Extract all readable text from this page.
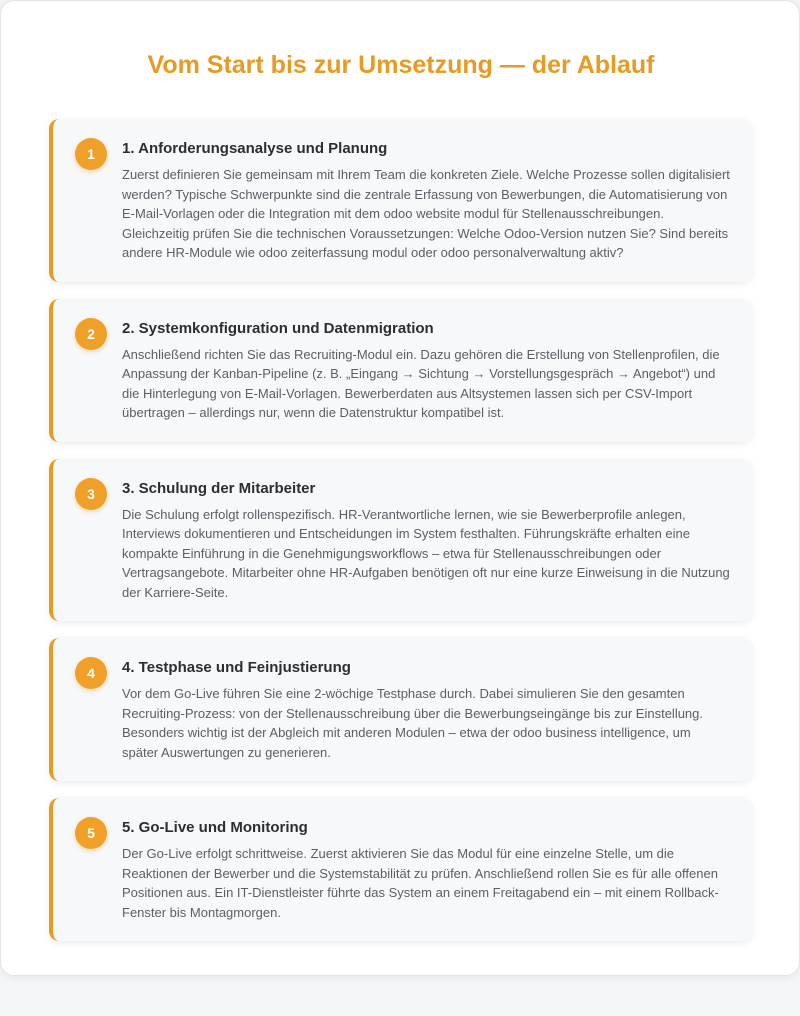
Vom Start bis zur Umsetzung — der Ablauf
1	1. Anforderungsanalyse und Planung

Zuerst definieren Sie gemeinsam mit Ihrem Team die konkreten Ziele. Welche Prozesse sollen digitalisiert werden? Typische Schwerpunkte sind die zentrale Erfassung von Bewerbungen, die Automatisierung von E-Mail-Vorlagen oder die Integration mit dem odoo website modul für Stellenausschreibungen. Gleichzeitig prüfen Sie die technischen Voraussetzungen: Welche Odoo-Version nutzen Sie? Sind bereits andere HR-Module wie odoo zeiterfassung modul oder odoo personalverwaltung aktiv?

2	2. Systemkonfiguration und Datenmigration

Anschließend richten Sie das Recruiting-Modul ein. Dazu gehören die Erstellung von Stellenprofilen, die Anpassung der Kanban-Pipeline (z. B. „Eingang → Sichtung → Vorstellungsgespräch → Angebot“) und die Hinterlegung von E-Mail-Vorlagen. Bewerberdaten aus Altsystemen lassen sich per CSV-Import übertragen – allerdings nur, wenn die Datenstruktur kompatibel ist.

3	3. Schulung der Mitarbeiter

Die Schulung erfolgt rollenspezifisch. HR-Verantwortliche lernen, wie sie Bewerberprofile anlegen, Interviews dokumentieren und Entscheidungen im System festhalten. Führungskräfte erhalten eine kompakte Einführung in die Genehmigungsworkflows – etwa für Stellenausschreibungen oder Vertragsangebote. Mitarbeiter ohne HR-Aufgaben benötigen oft nur eine kurze Einweisung in die Nutzung der Karriere-Seite.

4	4. Testphase und Feinjustierung

Vor dem Go-Live führen Sie eine 2-wöchige Testphase durch. Dabei simulieren Sie den gesamten Recruiting-Prozess: von der Stellenausschreibung über die Bewerbungseingänge bis zur Einstellung. Besonders wichtig ist der Abgleich mit anderen Modulen – etwa der odoo business intelligence, um später Auswertungen zu generieren.

5	5. Go-Live und Monitoring

Der Go-Live erfolgt schrittweise. Zuerst aktivieren Sie das Modul für eine einzelne Stelle, um die Reaktionen der Bewerber und die Systemstabilität zu prüfen. Anschließend rollen Sie es für alle offenen Positionen aus. Ein IT-Dienstleister führte das System an einem Freitagabend ein – mit einem Rollback-Fenster bis Montagmorgen.
